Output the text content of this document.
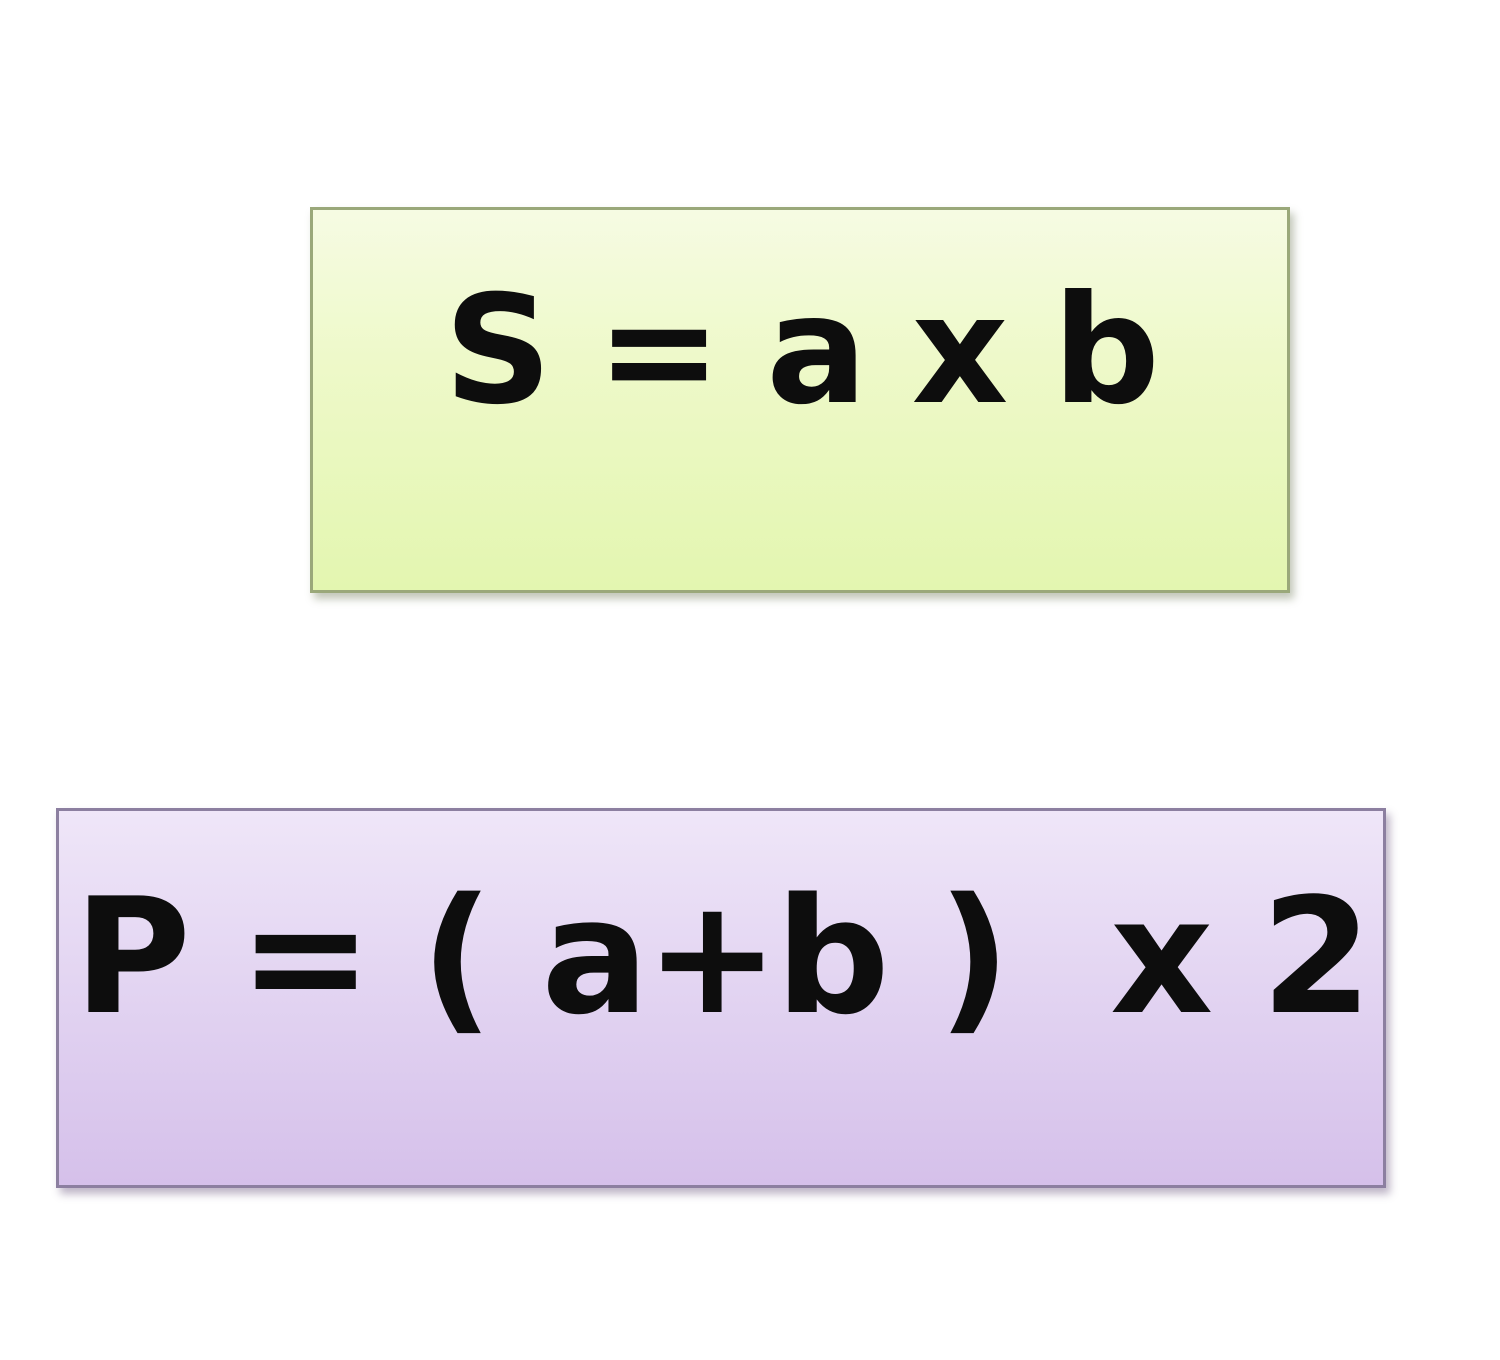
S = a x b
P = ( a+b )  x 2
